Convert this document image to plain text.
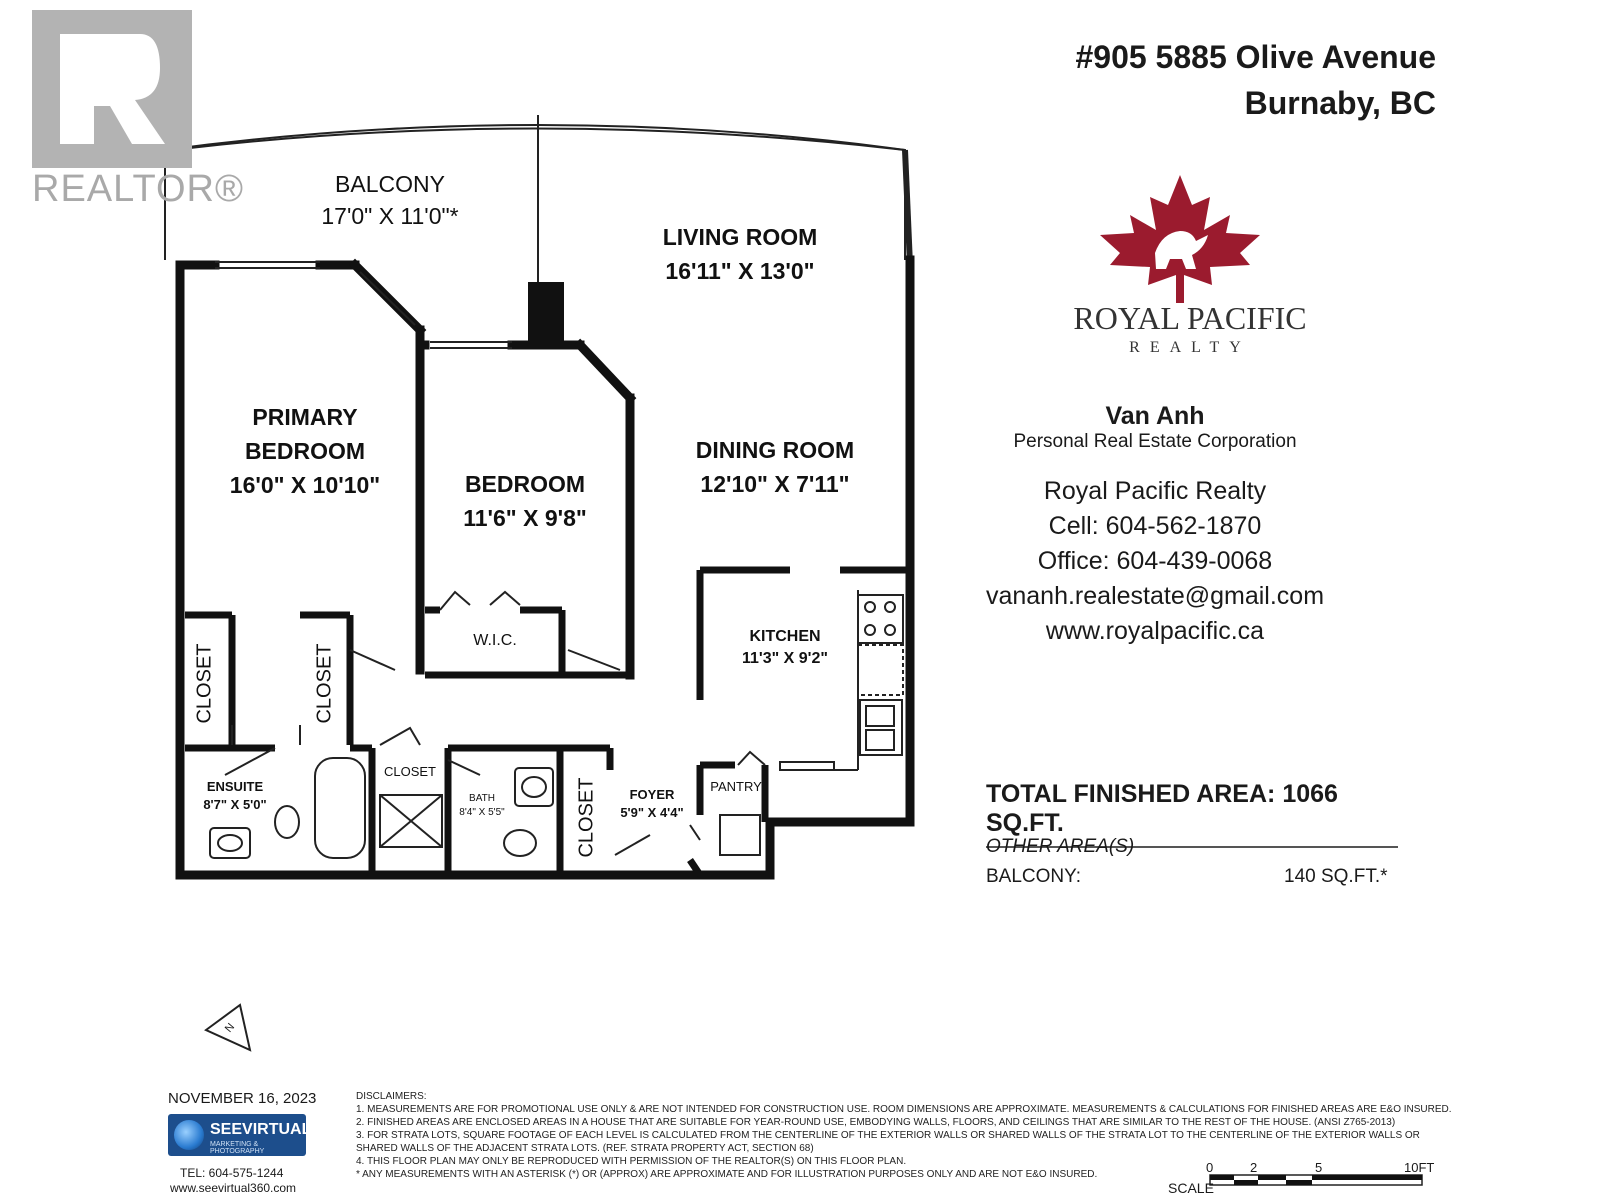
REALTOR®
#905 5885 Olive Avenue
Burnaby, BC
ROYAL PACIFIC
REALTY
Van Anh
Personal Real Estate Corporation
Royal Pacific Realty
Cell: 604-562-1870
Office: 604-439-0068
vananh.realestate@gmail.com
www.royalpacific.ca
TOTAL FINISHED AREA: 1066 SQ.FT.
OTHER AREA(S)
BALCONY:	140 SQ.FT.*
BALCONY
17'0" X 11'0"*
LIVING ROOM
16'11" X 13'0"
PRIMARY
BEDROOM
16'0" X 10'10"	BEDROOM
11'6" X 9'8"
DINING ROOM
12'10" X 7'11"
KITCHEN
11'3" X 9'2"
W.I.C.
CLOSET	CLOSET
CLOSET
CLOSET
ENSUITE
8'7" X 5'0"	BATH
8'4" X 5'5"
FOYER
5'9" X 4'4"
PANTRY
N
NOVEMBER 16, 2023
SEEVIRTUAL
MARKETING & PHOTOGRAPHY
TEL: 604-575-1244
www.seevirtual360.com
DISCLAIMERS:
1. MEASUREMENTS ARE FOR PROMOTIONAL USE ONLY & ARE NOT INTENDED FOR CONSTRUCTION USE. ROOM DIMENSIONS ARE APPROXIMATE. MEASUREMENTS & CALCULATIONS FOR FINISHED AREAS ARE E&O INSURED.
2. FINISHED AREAS ARE ENCLOSED AREAS IN A HOUSE THAT ARE SUITABLE FOR YEAR-ROUND USE, EMBODYING WALLS, FLOORS, AND CEILINGS THAT ARE SIMILAR TO THE REST OF THE HOUSE. (ANSI Z765-2013)
3. FOR STRATA LOTS, SQUARE FOOTAGE OF EACH LEVEL IS CALCULATED FROM THE CENTERLINE OF THE EXTERIOR WALLS OR SHARED WALLS OF THE STRATA LOT TO THE CENTERLINE OF THE EXTERIOR WALLS OR
SHARED WALLS OF THE ADJACENT STRATA LOTS. (REF. STRATA PROPERTY ACT, SECTION 68)
4. THIS FLOOR PLAN MAY ONLY BE REPRODUCED WITH PERMISSION OF THE REALTOR(S) ON THIS FLOOR PLAN.
* ANY MEASUREMENTS WITH AN ASTERISK (*) OR (APPROX) ARE APPROXIMATE AND FOR ILLUSTRATION PURPOSES ONLY AND ARE NOT E&O INSURED.
SCALE
0	2	5	10FT
